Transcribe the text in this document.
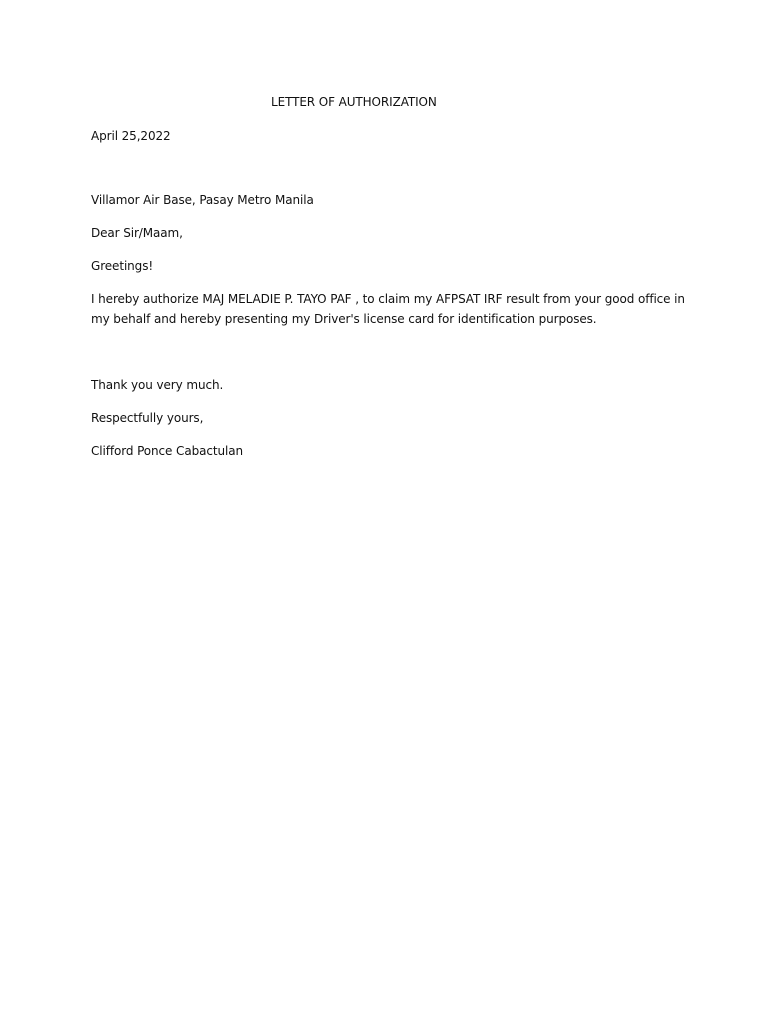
LETTER OF AUTHORIZATION
April 25,2022
Villamor Air Base, Pasay Metro Manila
Dear Sir/Maam,
Greetings!
I hereby authorize MAJ MELADIE P. TAYO PAF , to claim my AFPSAT IRF result from your good office in
my behalf and hereby presenting my Driver's license card for identification purposes.
Thank you very much.
Respectfully yours,
Clifford Ponce Cabactulan
